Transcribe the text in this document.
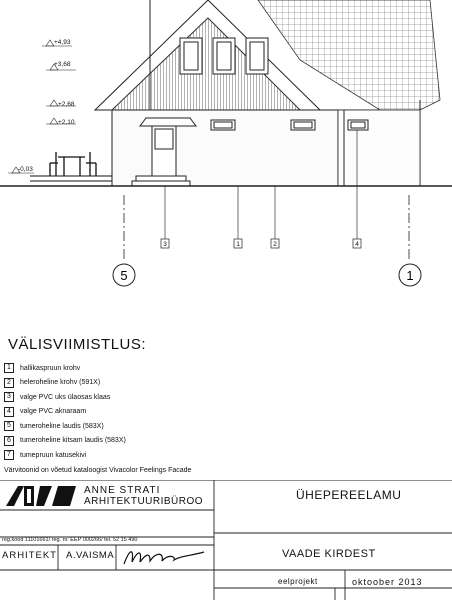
+4,93
+3,68
+2,68
+2,10
-0,03
5	1
3	1	2	4
VÄLISVIIMISTLUS:
1	hallikaspruun krohv
2	heleroheline krohv (591X)
3	valge PVC uks ülaosas klaas
4	valge PVC aknaraam
5	tumeroheline laudis (583X)
6	tumeroheline kitsam laudis (583X)
7	tumepruun katusekivi
Värvitoonid on võetud kataloogist Vivacolor Feelings Facade
ANNE STRATI
ARHITEKTUURIBÜROO	ÜHEPEREELAMU
reg.kood 11101661/ reg. nr. EEP 000266/ tel. 52 15 490
ARHITEKT A.VAISMA	VAADE KIRDEST
eelprojekt	oktoober 2013
